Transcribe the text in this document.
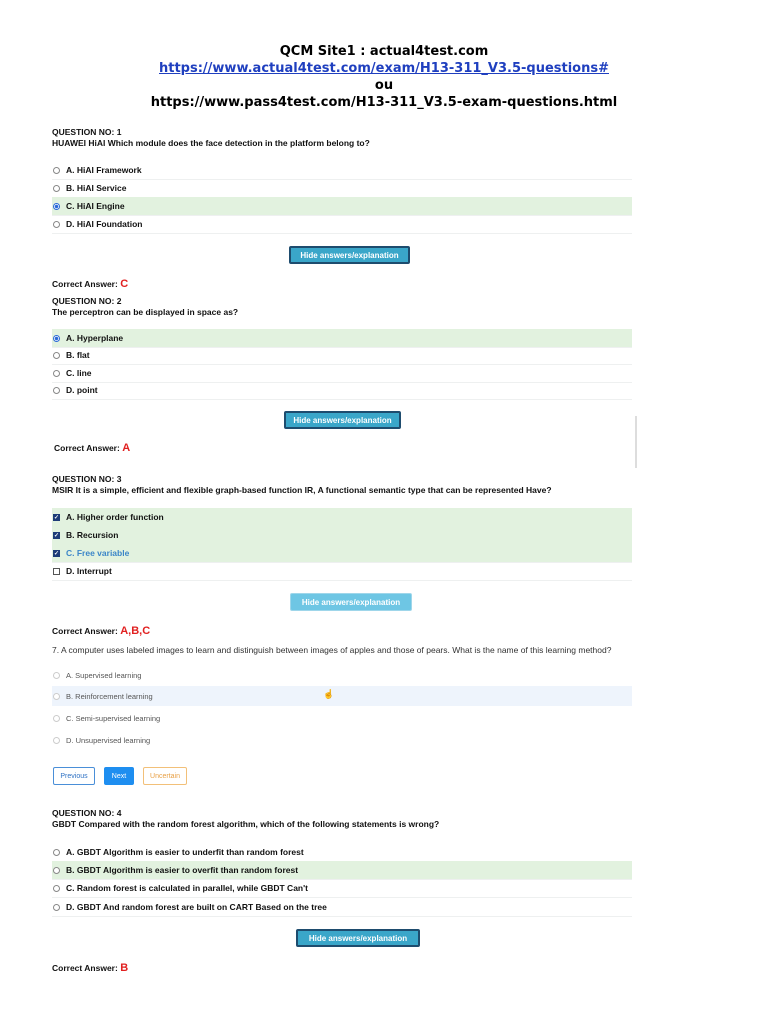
QCM Site1 : actual4test.com
https://www.actual4test.com/exam/H13-311_V3.5-questions#
ou
https://www.pass4test.com/H13-311_V3.5-exam-questions.html
QUESTION NO: 1
HUAWEI HiAI Which module does the face detection in the platform belong to?
A. HiAI Framework
B. HiAI Service
C. HiAI Engine
D. HiAI Foundation
Hide answers/explanation
Correct Answer: C
QUESTION NO: 2
The perceptron can be displayed in space as?
A. Hyperplane
B. flat
C. line
D. point
Hide answers/explanation
Correct Answer: A
QUESTION NO: 3
MSIR It is a simple, efficient and flexible graph-based function IR, A functional semantic type that can be represented Have?
✓ A. Higher order function
✓ B. Recursion
✓ C. Free variable
D. Interrupt
Hide answers/explanation
Correct Answer: A,B,C
7. A computer uses labeled images to learn and distinguish between images of apples and those of pears. What is the name of this learning method?
A. Supervised learning
B. Reinforcement learning	☝
C. Semi-supervised learning
D. Unsupervised learning
Previous	Next	Uncertain
QUESTION NO: 4
GBDT Compared with the random forest algorithm, which of the following statements is wrong?
A. GBDT Algorithm is easier to underfit than random forest
B. GBDT Algorithm is easier to overfit than random forest
C. Random forest is calculated in parallel, while GBDT Can't
D. GBDT And random forest are built on CART Based on the tree
Hide answers/explanation
Correct Answer: B
